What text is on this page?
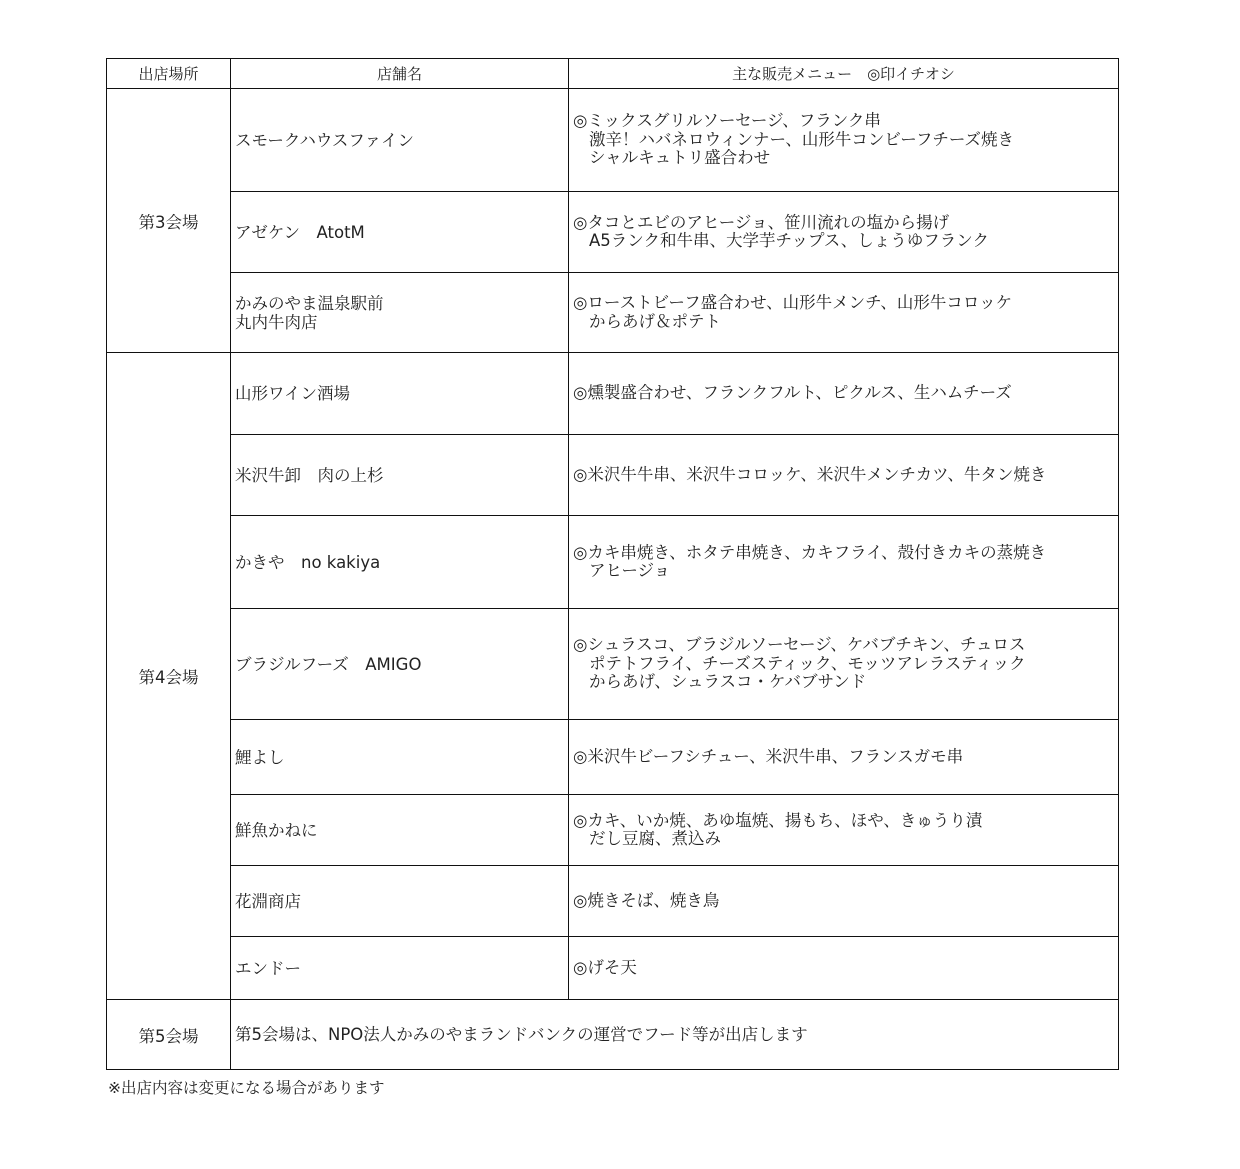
出店場所	店舗名	主な販売メニュー　◎印イチオシ
第3会場	スモークハウスファイン	◎ミックスグリルソーセージ、フランク串
激辛！ハバネロウィンナー、山形牛コンビーフチーズ焼き
シャルキュトリ盛合わせ

	アゼケン　AtotM	◎タコとエビのアヒージョ、笹川流れの塩から揚げ
A5ランク和牛串、大学芋チップス、しょうゆフランク

	かみのやま温泉駅前
丸内牛肉店	◎ローストビーフ盛合わせ、山形牛メンチ、山形牛コロッケ
からあげ＆ポテト

第4会場	山形ワイン酒場	◎燻製盛合わせ、フランクフルト、ピクルス、生ハムチーズ

	米沢牛卸　肉の上杉	◎米沢牛牛串、米沢牛コロッケ、米沢牛メンチカツ、牛タン焼き

	かきや　no kakiya	◎カキ串焼き、ホタテ串焼き、カキフライ、殻付きカキの蒸焼き
アヒージョ

	ブラジルフーズ　AMIGO	◎シュラスコ、ブラジルソーセージ、ケバブチキン、チュロス
ポテトフライ、チーズスティック、モッツアレラスティック
からあげ、シュラスコ・ケバブサンド

	鯉よし	◎米沢牛ビーフシチュー、米沢牛串、フランスガモ串

	鮮魚かねに	◎カキ、いか焼、あゆ塩焼、揚もち、ほや、きゅうり漬
だし豆腐、煮込み

	花淵商店	◎焼きそば、焼き鳥

	エンドー	◎げそ天

第5会場	第5会場は、NPO法人かみのやまランドバンクの運営でフード等が出店します	
※出店内容は変更になる場合があります
